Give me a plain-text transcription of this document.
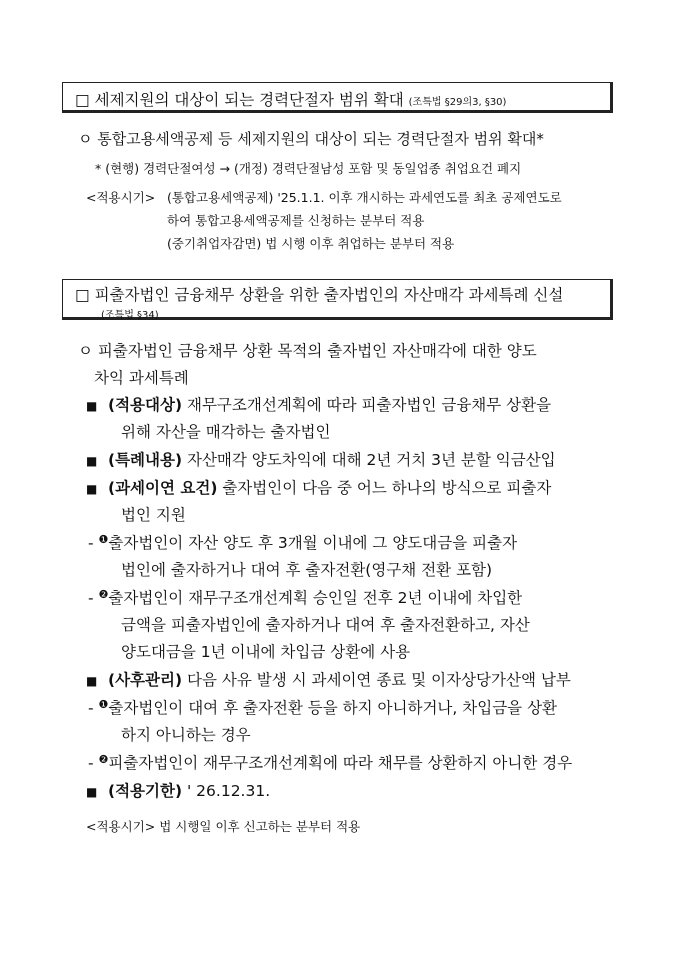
□ 세제지원의 대상이 되는 경력단절자 범위 확대 (조특법 §29의3, §30)
ㅇ 통합고용세액공제 등 세제지원의 대상이 되는 경력단절자 범위 확대*
* (현행) 경력단절여성 → (개정) 경력단절남성 포함 및 동일업종 취업요건 폐지
<적용시기> (통합고용세액공제) '25.1.1. 이후 개시하는 과세연도를 최초 공제연도로
하여 통합고용세액공제를 신청하는 분부터 적용
(중기취업자감면) 법 시행 이후 취업하는 분부터 적용
□ 피출자법인 금융채무 상환을 위한 출자법인의 자산매각 과세특례 신설
(조특법 §34)
ㅇ 피출자법인 금융채무 상환 목적의 출자법인 자산매각에 대한 양도
차익 과세특례
■ (적용대상) 재무구조개선계획에 따라 피출자법인 금융채무 상환을
위해 자산을 매각하는 출자법인
■ (특례내용) 자산매각 양도차익에 대해 2년 거치 3년 분할 익금산입
■ (과세이연 요건) 출자법인이 다음 중 어느 하나의 방식으로 피출자
법인 지원
- $^❶$출자법인이 자산 양도 후 3개월 이내에 그 양도대금을 피출자
법인에 출자하거나 대여 후 출자전환(영구채 전환 포함)
- $^❷$출자법인이 재무구조개선계획 승인일 전후 2년 이내에 차입한
금액을 피출자법인에 출자하거나 대여 후 출자전환하고, 자산
양도대금을 1년 이내에 차입금 상환에 사용
■ (사후관리) 다음 사유 발생 시 과세이연 종료 및 이자상당가산액 납부
- $^❶$출자법인이 대여 후 출자전환 등을 하지 아니하거나, 차입금을 상환
하지 아니하는 경우
- $^❷$피출자법인이 재무구조개선계획에 따라 채무를 상환하지 아니한 경우
■ (적용기한) ' 26.12.31.
<적용시기> 법 시행일 이후 신고하는 분부터 적용
